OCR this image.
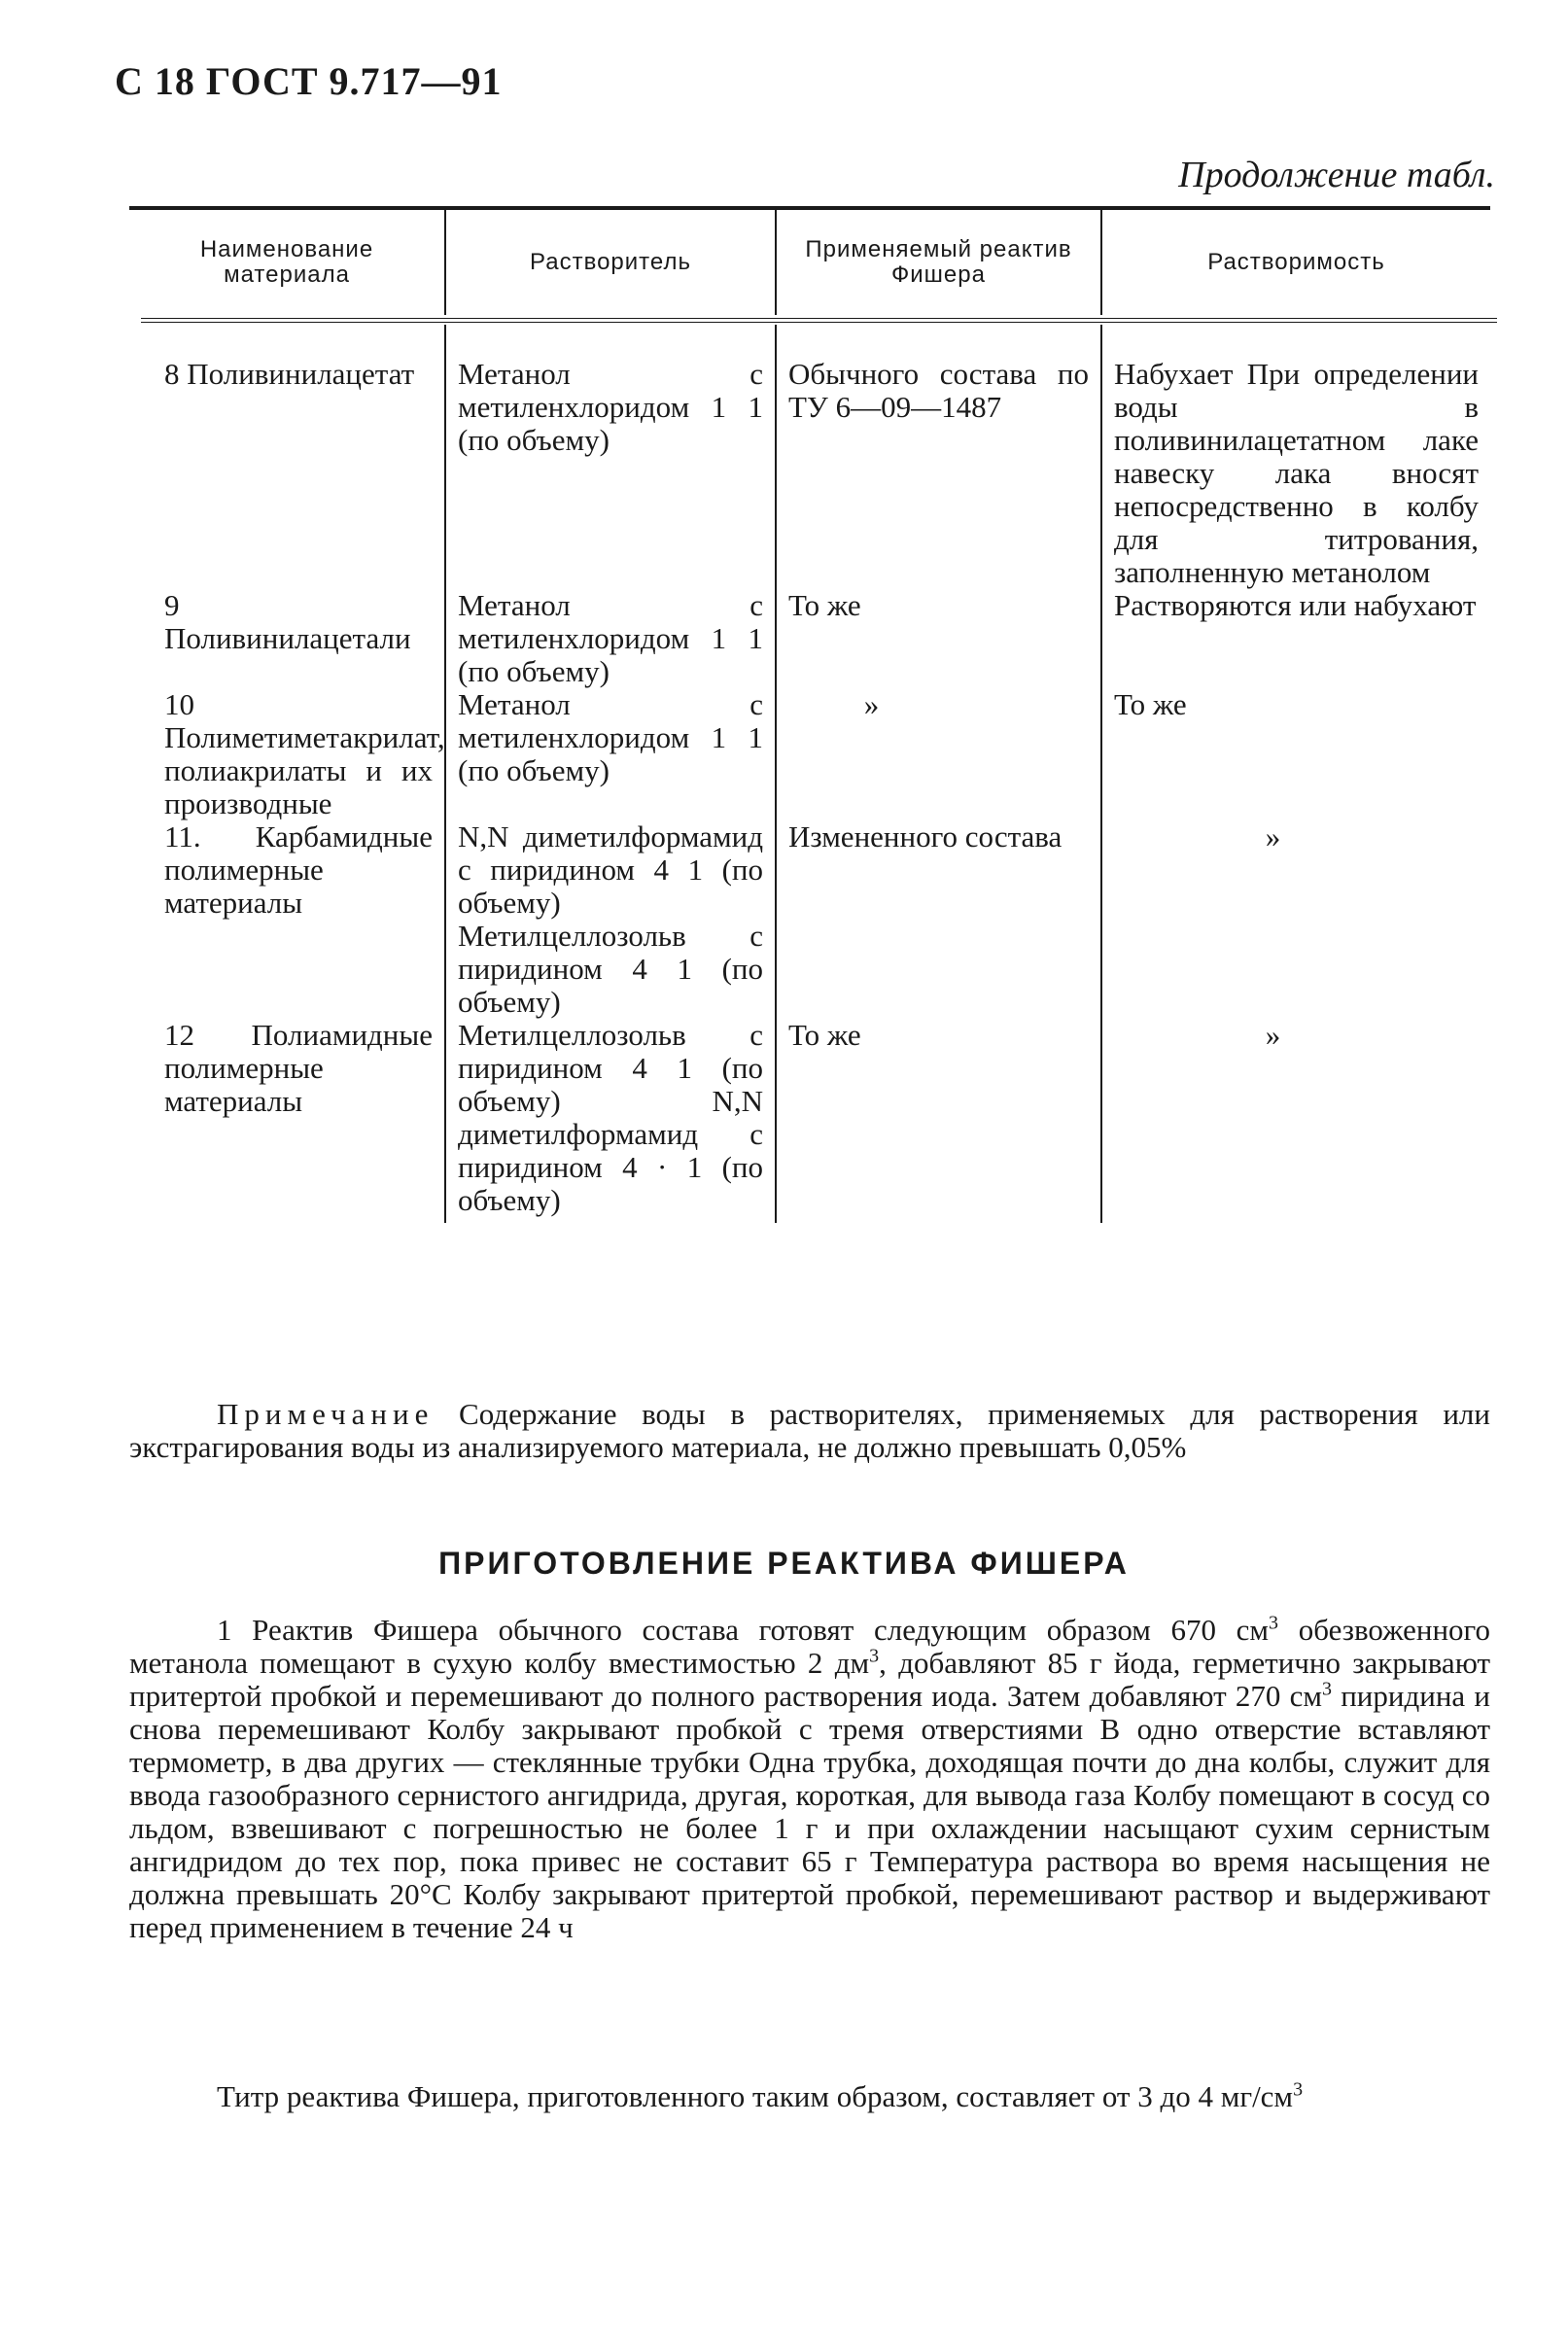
С 18 ГОСТ 9.717—91
Продолжение табл.
Наименование материала	Растворитель	Применяемый реактив Фишера	Растворимость

8 Поливинилацетат	Метанол с метиленхлоридом 1 1 (по объему)	Обычного состава по ТУ 6—09—1487	Набухает При определении воды в поливинилацетатном лаке навеску лака вносят непосредственно в колбу для титрования, заполненную метанолом
9 Поливинилацетали	Метанол с метиленхлоридом 1 1 (по объему)	То же	Растворяются или набухают
10 Полиметиметакрилат, полиакрилаты и их производные	Метанол с метиленхлоридом 1 1 (по объему)	»	То же
11. Карбамидные полимерные материалы	N,N диметилформамид с пиридином 4 1 (по объему) Метилцеллозольв с пиридином 4 1 (по объему)	Измененного состава	»
12 Полиамидные полимерные материалы	Метилцеллозольв с пиридином 4 1 (по объему) N,N диметилформамид с пиридином 4 · 1 (по объему)	То же	»
Примечание Содержание воды в растворителях, применяемых для растворения или экстрагирования воды из анализируемого материала, не должно превышать 0,05%
ПРИГОТОВЛЕНИЕ РЕАКТИВА ФИШЕРА
1 Реактив Фишера обычного состава готовят следующим образом 670 $см^3$ обезвоженного метанола помещают в сухую колбу вместимостью 2 $дм^3$, добавляют 85 г йода, герметично закрывают притертой пробкой и перемешивают до полного растворения иода. Затем добавляют 270 $см^3$ пиридина и снова перемешивают Колбу закрывают пробкой с тремя отверстиями В одно отверстие вставляют термометр, в два других — стеклянные трубки Одна трубка, доходящая почти до дна колбы, служит для ввода газообразного сернистого ангидрида, другая, короткая, для вывода газа Колбу помещают в сосуд со льдом, взвешивают с погрешностью не более 1 г и при охлаждении насыщают сухим сернистым ангидридом до тех пор, пока привес не составит 65 г Температура раствора во время насыщения не должна превышать 20°С Колбу закрывают притертой пробкой, перемешивают раствор и выдерживают перед применением в течение 24 ч
Титр реактива Фишера, приготовленного таким образом, составляет от 3 до 4 $мг/см^3$
